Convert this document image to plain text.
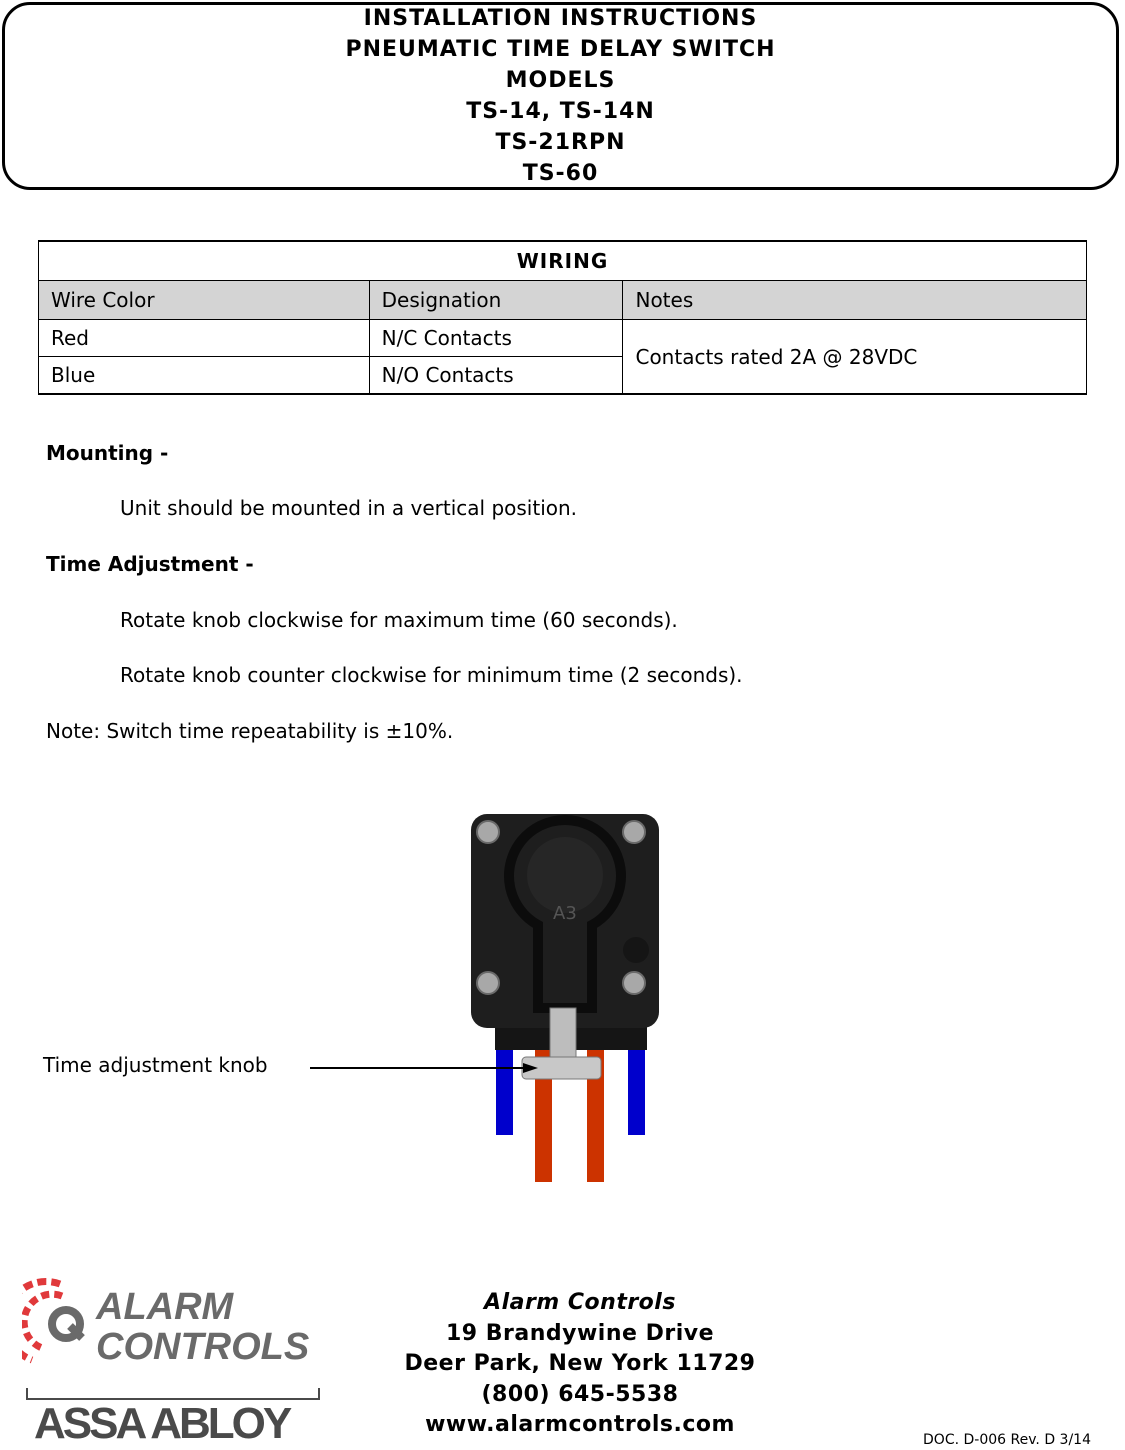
INSTALLATION INSTRUCTIONS
PNEUMATIC TIME DELAY SWITCH
MODELS
TS-14, TS-14N
TS-21RPN
TS-60
WIRING		
Wire Color	Designation	Notes
Red	N/C Contacts	Contacts rated 2A @ 28VDC
Blue	N/O Contacts	
Mounting -
Unit should be mounted in a vertical position.
Time Adjustment -
Rotate knob clockwise for maximum time (60 seconds).
Rotate knob counter clockwise for minimum time (2 seconds).
Note: Switch time repeatability is ±10%.
A3
Time adjustment knob
ALARM
CONTROLS
ASSA ABLOY
Alarm Controls
19 Brandywine Drive
Deer Park, New York 11729
(800) 645-5538
www.alarmcontrols.com
DOC. D-006 Rev. D 3/14
